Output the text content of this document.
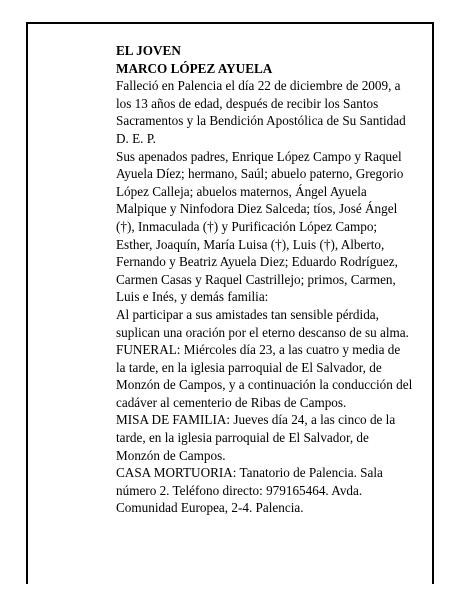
EL JOVEN
MARCO LÓPEZ AYUELA
Falleció en Palencia el día 22 de diciembre de 2009, a
los 13 años de edad, después de recibir los Santos
Sacramentos y la Bendición Apostólica de Su Santidad
D. E. P.
Sus apenados padres, Enrique López Campo y Raquel
Ayuela Díez; hermano, Saúl; abuelo paterno, Gregorio
López Calleja; abuelos maternos, Ángel Ayuela
Malpique y Ninfodora Diez Salceda; tíos, José Ángel
(†), Inmaculada (†) y Purificación López Campo;
Esther, Joaquín, María Luisa (†), Luis (†), Alberto,
Fernando y Beatriz Ayuela Diez; Eduardo Rodríguez,
Carmen Casas y Raquel Castrillejo; primos, Carmen,
Luis e Inés, y demás familia:
Al participar a sus amistades tan sensible pérdida,
suplican una oración por el eterno descanso de su alma.
FUNERAL: Miércoles día 23, a las cuatro y media de
la tarde, en la iglesia parroquial de El Salvador, de
Monzón de Campos, y a continuación la conducción del
cadáver al cementerio de Ribas de Campos.
MISA DE FAMILIA: Jueves día 24, a las cinco de la
tarde, en la iglesia parroquial de El Salvador, de
Monzón de Campos.
CASA MORTUORIA: Tanatorio de Palencia. Sala
número 2. Teléfono directo: 979165464. Avda.
Comunidad Europea, 2-4. Palencia.
